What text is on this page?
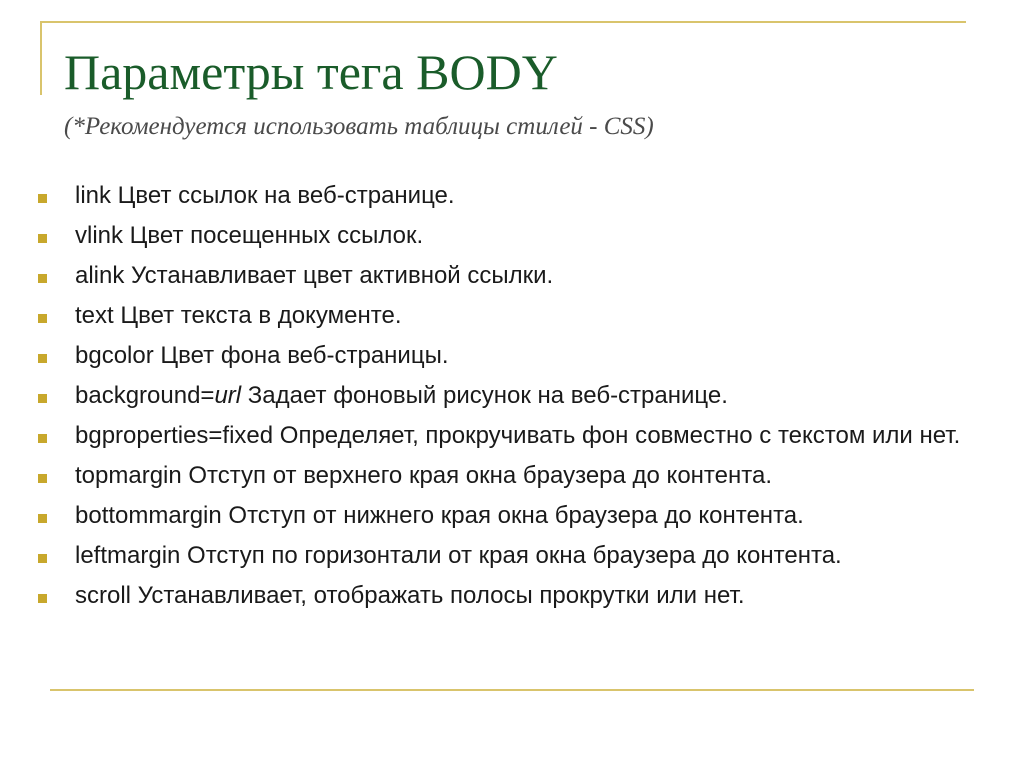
Параметры тега BODY

(*Рекомендуется использовать таблицы стилей - CSS)

link Цвет ссылок на веб-странице.
vlink Цвет посещенных ссылок.
alink Устанавливает цвет активной ссылки.
text Цвет текста в документе.
bgcolor Цвет фона веб-страницы.
background=url Задает фоновый рисунок на веб-странице.
bgproperties=fixed Определяет, прокручивать фон совместно с текстом или нет.
topmargin Отступ от верхнего края окна браузера до контента.
bottommargin Отступ от нижнего края окна браузера до контента.
leftmargin Отступ по горизонтали от края окна браузера до контента.
scroll Устанавливает, отображать полосы прокрутки или нет.
